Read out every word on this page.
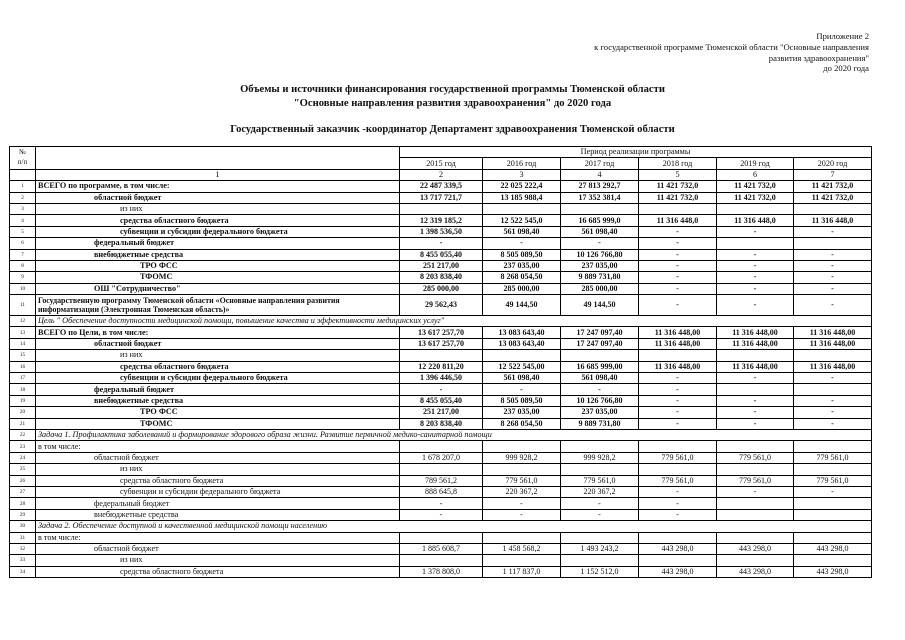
Приложение 2
к государственной программе Тюменской области "Основные направления
развития здравоохранения"
до 2020 года
Объемы и источники финансирования государственной программы Тюменской области
"Основные направления развития здравоохранения" до 2020 года
Государственный заказчик -координатор Департамент здравоохранения Тюменской области
№
п/п		Период реализации программы					
		2015 год	2016 год	2017 год	2018 год	2019 год	2020 год
	1	2	3	4	5	6	7
1	ВСЕГО по программе, в том числе:	22 487 339,5	22 025 222,4	27 813 292,7	11 421 732,0	11 421 732,0	11 421 732,0
2	областной бюджет	13 717 721,7	13 185 988,4	17 352 381,4	11 421 732,0	11 421 732,0	11 421 732,0
3	из них						
4	средства областного бюджета	12 319 185,2	12 522 545,0	16 685 999,0	11 316 448,0	11 316 448,0	11 316 448,0
5	субвенции и субсидии федерального бюджета	1 398 536,50	561 098,40	561 098,40	-	-	-
6	федеральный бюджет	-	-	-	-		
7	внебюджетные средства	8 455 055,40	8 505 089,50	10 126 766,80	-	-	-
8	ТРО ФСС	251 217,00	237 035,00	237 035,00	-	-	-
9	ТФОМС	8 203 838,40	8 268 054,50	9 889 731,80	-	-	-
10	ОШ "Сотрудничество"	285 000,00	285 000,00	285 000,00	-	-	-
11	Государственную программу Тюменской области «Основные направления развития информатизации (Электронная Тюменская область)»	29 562,43	49 144,50	49 144,50	-	-	-
12	Цель " Обеспечение доступности медицинской помощи, повышение качества и эффективности медицинских услуг"						
13	ВСЕГО по Цели, в том числе:	13 617 257,70	13 083 643,40	17 247 097,40	11 316 448,00	11 316 448,00	11 316 448,00
14	областной бюджет	13 617 257,70	13 083 643,40	17 247 097,40	11 316 448,00	11 316 448,00	11 316 448,00
15	из них						
16	средства областного бюджета	12 220 811,20	12 522 545,00	16 685 999,00	11 316 448,00	11 316 448,00	11 316 448,00
17	субвенции и субсидии федерального бюджета	1 396 446,50	561 098,40	561 098,40	-	-	-
18	федеральный бюджет	-	-	-	-		
19	внебюджетные средства	8 455 055,40	8 505 089,50	10 126 766,80	-	-	-
20	ТРО ФСС	251 217,00	237 035,00	237 035,00	-	-	-
21	ТФОМС	8 203 838,40	8 268 054,50	9 889 731,80	-	-	-
22	Задача 1. Профилактика заболеваний и формирование здорового образа жизни. Развитие первичной медико-санитарной помощи						
23	в том числе:						
24	областной бюджет	1 678 207,0	999 928,2	999 928,2	779 561,0	779 561,0	779 561,0
25	из них						
26	средства областного бюджета	789 561,2	779 561,0	779 561,0	779 561,0	779 561,0	779 561,0
27	субвенции и субсидии федерального бюджета	888 645,8	220 367,2	220 367,2	-	-	-
28	федеральный бюджет	-	-	-	-		
29	внебюджетные средства	-	-	-	-		
30	Задача 2. Обеспечение доступной и качественной медицинской помощи населению						
31	в том числе:						
32	областной бюджет	1 885 608,7	1 458 568,2	1 493 243,2	443 298,0	443 298,0	443 298,0
33	из них						
34	средства областного бюджета	1 378 808,0	1 117 837,0	1 152 512,0	443 298,0	443 298,0	443 298,0
